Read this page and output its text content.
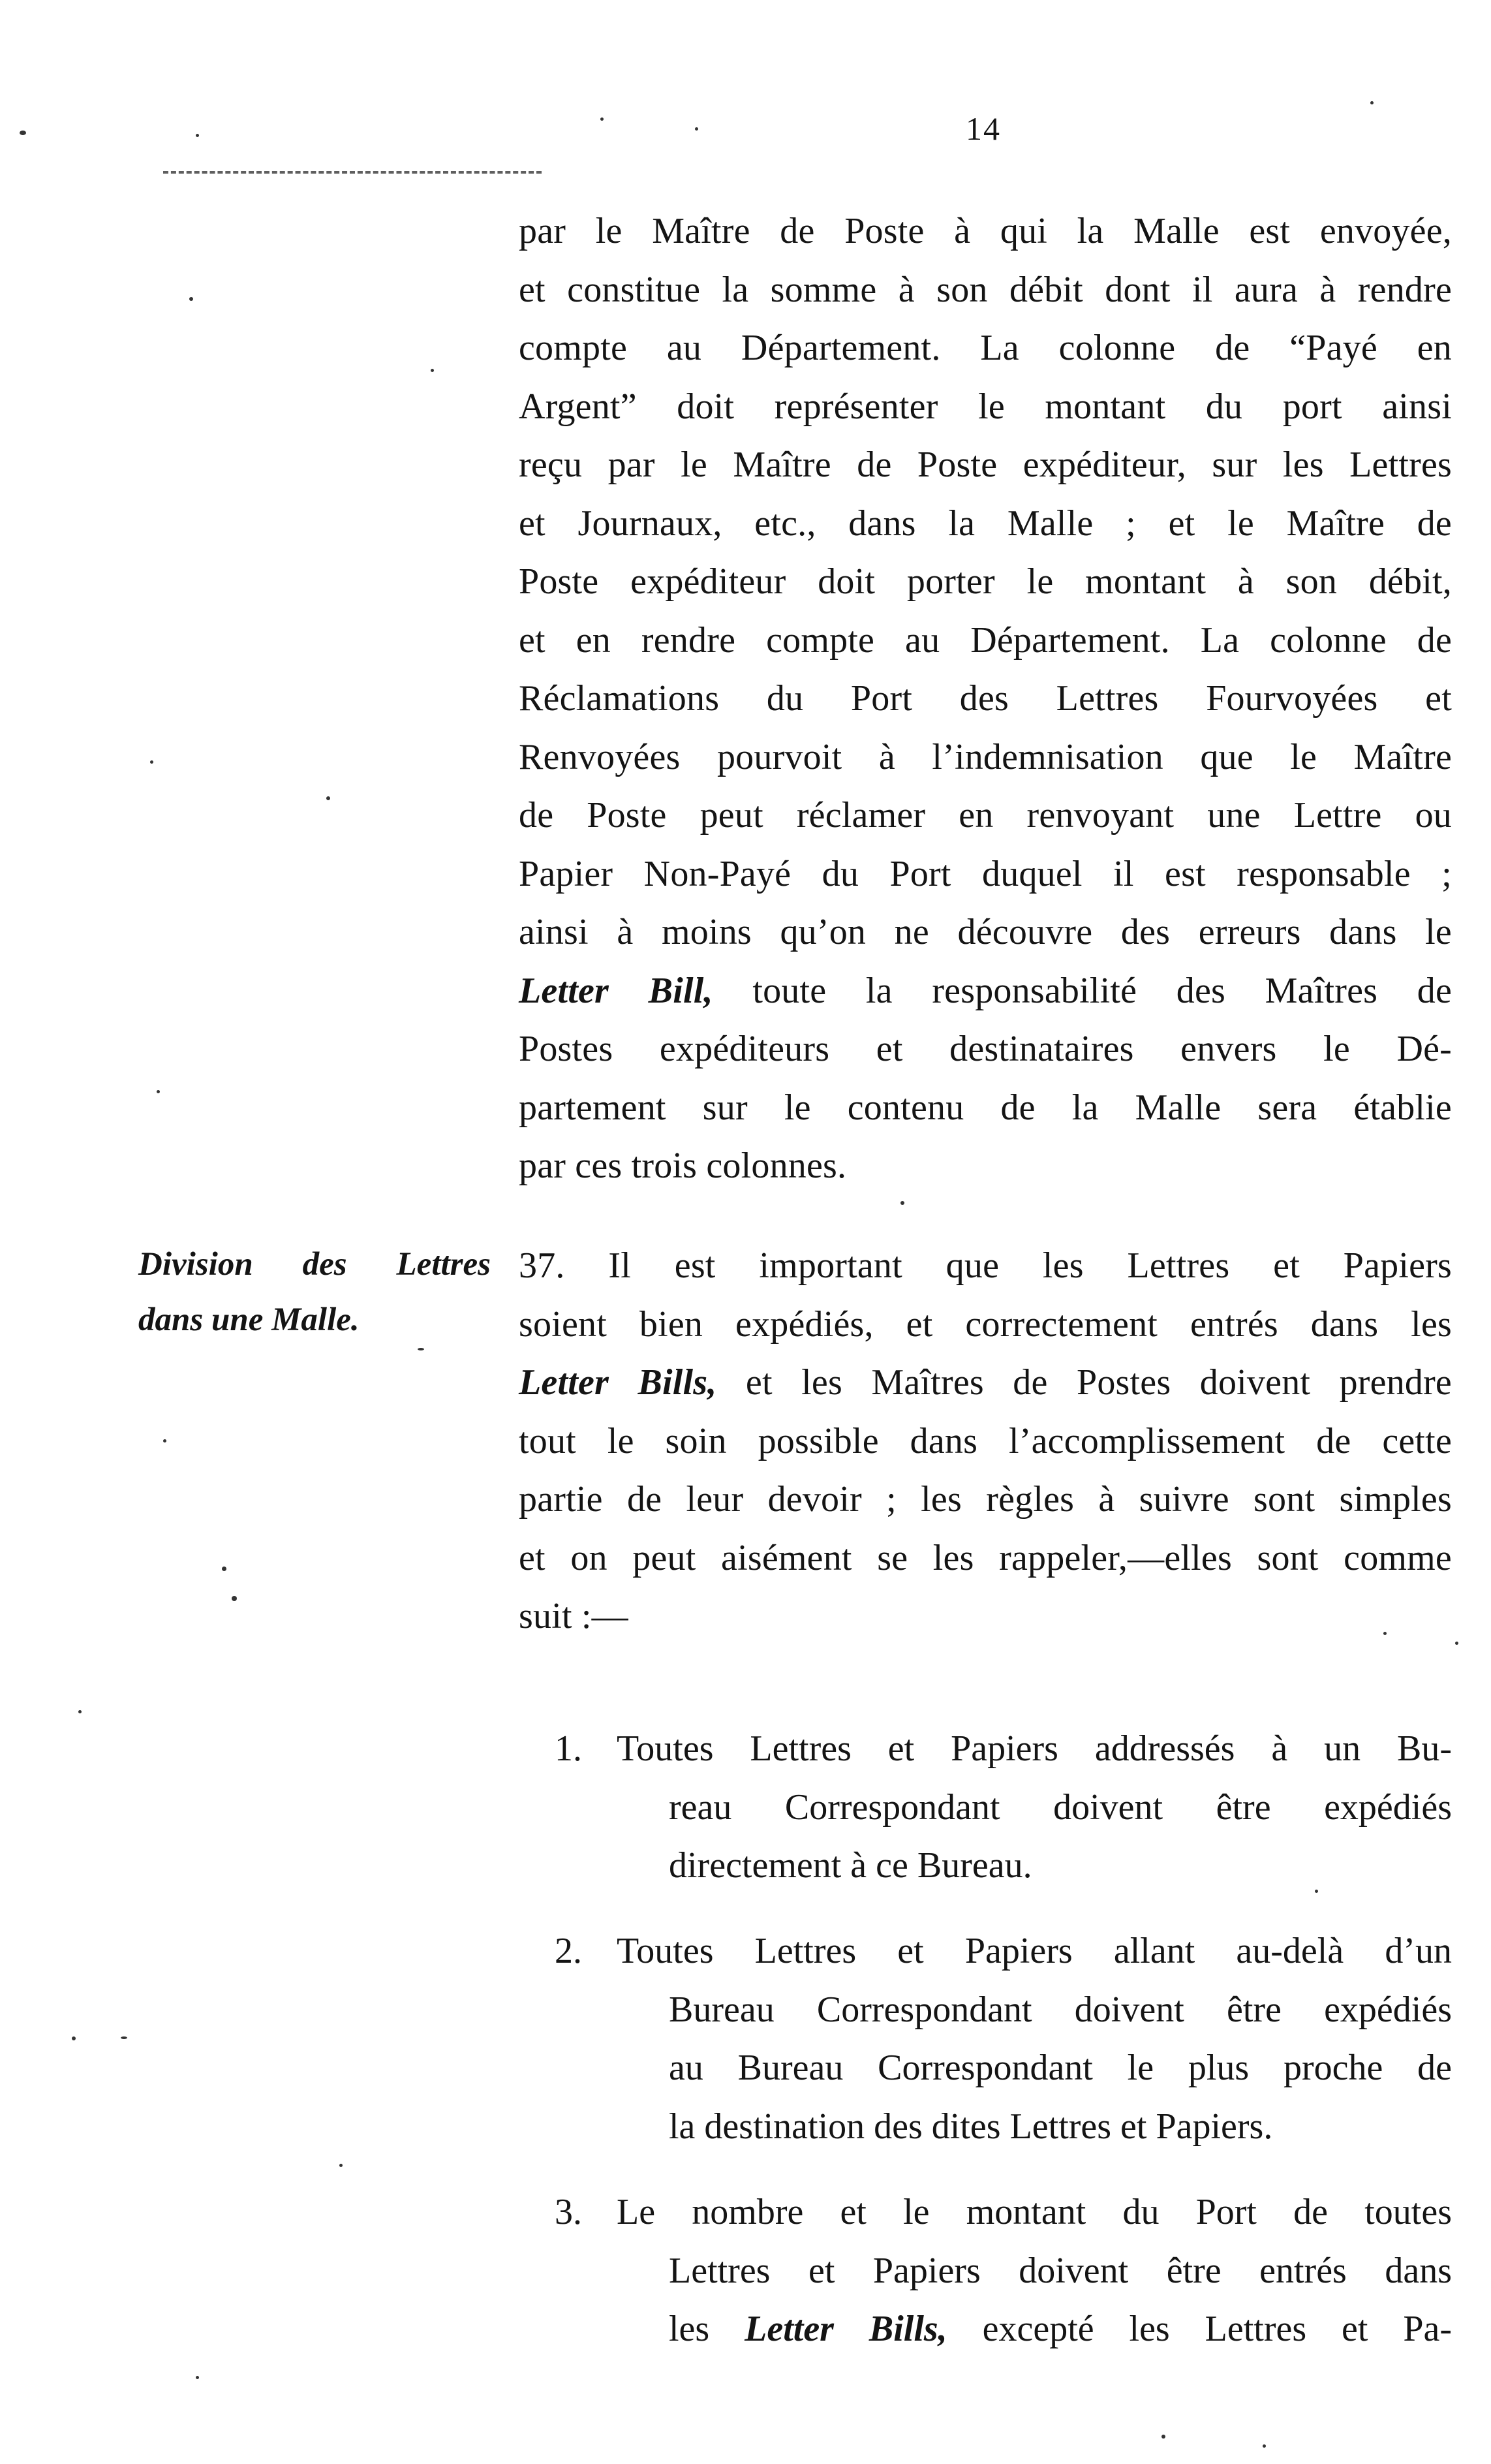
14
par le Maître de Poste à qui la Malle est envoyée,
et constitue la somme à son débit dont il aura à rendre
compte au Département. La colonne de “Payé en
Argent” doit représenter le montant du port ainsi
reçu par le Maître de Poste expéditeur, sur les Lettres
et Journaux, etc., dans la Malle ; et le Maître de
Poste expéditeur doit porter le montant à son débit,
et en rendre compte au Département. La colonne de
Réclamations du Port des Lettres Fourvoyées et
Renvoyées pourvoit à l’indemnisation que le Maître
de Poste peut réclamer en renvoyant une Lettre ou
Papier Non-Payé du Port duquel il est responsable ;
ainsi à moins qu’on ne découvre des erreurs dans le
Letter Bill, toute la responsabilité des Maîtres de
Postes expéditeurs et destinataires envers le Dé-
partement sur le contenu de la Malle sera établie
par ces trois colonnes.
Division des Lettres
dans une Malle.
37. Il est important que les Lettres et Papiers
soient bien expédiés, et correctement entrés dans les
Letter Bills, et les Maîtres de Postes doivent prendre
tout le soin possible dans l’accomplissement de cette
partie de leur devoir ; les règles à suivre sont simples
et on peut aisément se les rappeler,—elles sont comme
suit :—
1. Toutes Lettres et Papiers addressés à un Bu-
reau Correspondant doivent être expédiés
directement à ce Bureau.
2. Toutes Lettres et Papiers allant au-delà d’un
Bureau Correspondant doivent être expédiés
au Bureau Correspondant le plus proche de
la destination des dites Lettres et Papiers.
3. Le nombre et le montant du Port de toutes
Lettres et Papiers doivent être entrés dans
les Letter Bills, excepté les Lettres et Pa-
